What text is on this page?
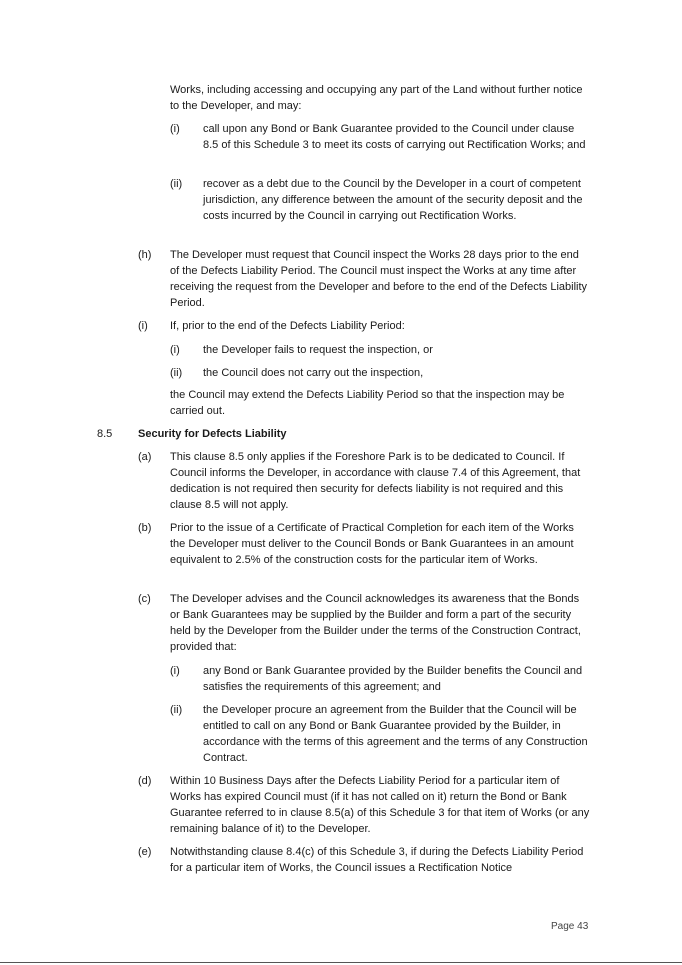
Works, including accessing and occupying any part of the Land without further notice to the Developer, and may:

(i) call upon any Bond or Bank Guarantee provided to the Council under clause 8.5 of this Schedule 3 to meet its costs of carrying out Rectification Works; and

(ii) recover as a debt due to the Council by the Developer in a court of competent jurisdiction, any difference between the amount of the security deposit and the costs incurred by the Council in carrying out Rectification Works.

(h) The Developer must request that Council inspect the Works 28 days prior to the end of the Defects Liability Period. The Council must inspect the Works at any time after receiving the request from the Developer and before to the end of the Defects Liability Period.

(i) If, prior to the end of the Defects Liability Period:

(i) the Developer fails to request the inspection, or

(ii) the Council does not carry out the inspection,

the Council may extend the Defects Liability Period so that the inspection may be carried out.

8.5 Security for Defects Liability
(a) This clause 8.5 only applies if the Foreshore Park is to be dedicated to Council. If Council informs the Developer, in accordance with clause 7.4 of this Agreement, that dedication is not required then security for defects liability is not required and this clause 8.5 will not apply.

(b) Prior to the issue of a Certificate of Practical Completion for each item of the Works the Developer must deliver to the Council Bonds or Bank Guarantees in an amount equivalent to 2.5% of the construction costs for the particular item of Works.

(c) The Developer advises and the Council acknowledges its awareness that the Bonds or Bank Guarantees may be supplied by the Builder and form a part of the security held by the Developer from the Builder under the terms of the Construction Contract, provided that:

(i) any Bond or Bank Guarantee provided by the Builder benefits the Council and satisfies the requirements of this agreement; and

(ii) the Developer procure an agreement from the Builder that the Council will be entitled to call on any Bond or Bank Guarantee provided by the Builder, in accordance with the terms of this agreement and the terms of any Construction Contract.

(d) Within 10 Business Days after the Defects Liability Period for a particular item of Works has expired Council must (if it has not called on it) return the Bond or Bank Guarantee referred to in clause 8.5(a) of this Schedule 3 for that item of Works (or any remaining balance of it) to the Developer.

(e) Notwithstanding clause 8.4(c) of this Schedule 3, if during the Defects Liability Period for a particular item of Works, the Council issues a Rectification Notice

Page 43
